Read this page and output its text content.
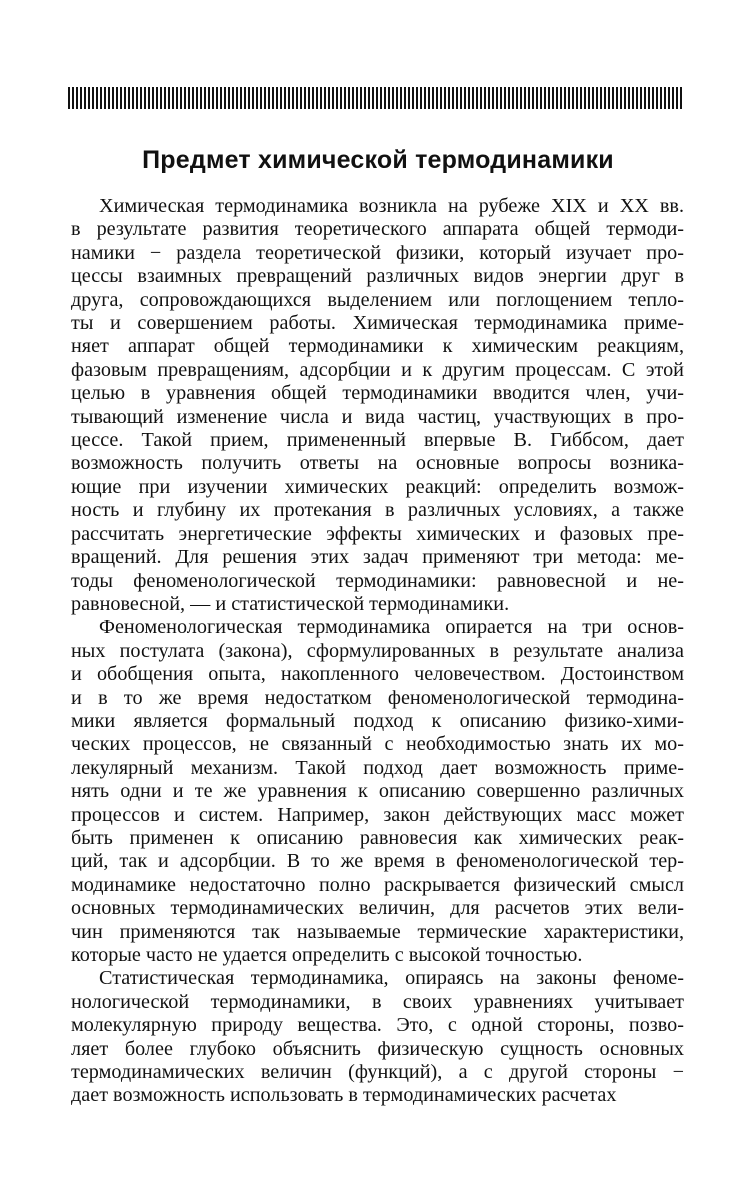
Предмет химической термодинамики

Химическая термодинамика возникла на рубеже XIX и XX вв.
в результате развития теоретического аппарата общей термоди-
намики − раздела теоретической физики, который изучает про-
цессы взаимных превращений различных видов энергии друг в
друга, сопровождающихся выделением или поглощением тепло-
ты и совершением работы. Химическая термодинамика приме-
няет аппарат общей термодинамики к химическим реакциям,
фазовым превращениям, адсорбции и к другим процессам. С этой
целью в уравнения общей термодинамики вводится член, учи-
тывающий изменение числа и вида частиц, участвующих в про-
цессе. Такой прием, примененный впервые В. Гиббсом, дает
возможность получить ответы на основные вопросы возника-
ющие при изучении химических реакций: определить возмож-
ность и глубину их протекания в различных условиях, а также
рассчитать энергетические эффекты химических и фазовых пре-
вращений. Для решения этих задач применяют три метода: ме-
тоды феноменологической термодинамики: равновесной и не-
равновесной, — и статистической термодинамики.

Феноменологическая термодинамика опирается на три основ-
ных постулата (закона), сформулированных в результате анализа
и обобщения опыта, накопленного человечеством. Достоинством
и в то же время недостатком феноменологической термодина-
мики является формальный подход к описанию физико-хими-
ческих процессов, не связанный с необходимостью знать их мо-
лекулярный механизм. Такой подход дает возможность приме-
нять одни и те же уравнения к описанию совершенно различных
процессов и систем. Например, закон действующих масс может
быть применен к описанию равновесия как химических реак-
ций, так и адсорбции. В то же время в феноменологической тер-
модинамике недостаточно полно раскрывается физический смысл
основных термодинамических величин, для расчетов этих вели-
чин применяются так называемые термические характеристики,
которые часто не удается определить с высокой точностью.

Статистическая термодинамика, опираясь на законы феноме-
нологической термодинамики, в своих уравнениях учитывает
молекулярную природу вещества. Это, с одной стороны, позво-
ляет более глубоко объяснить физическую сущность основных
термодинамических величин (функций), а с другой стороны −
дает возможность использовать в термодинамических расчетах
